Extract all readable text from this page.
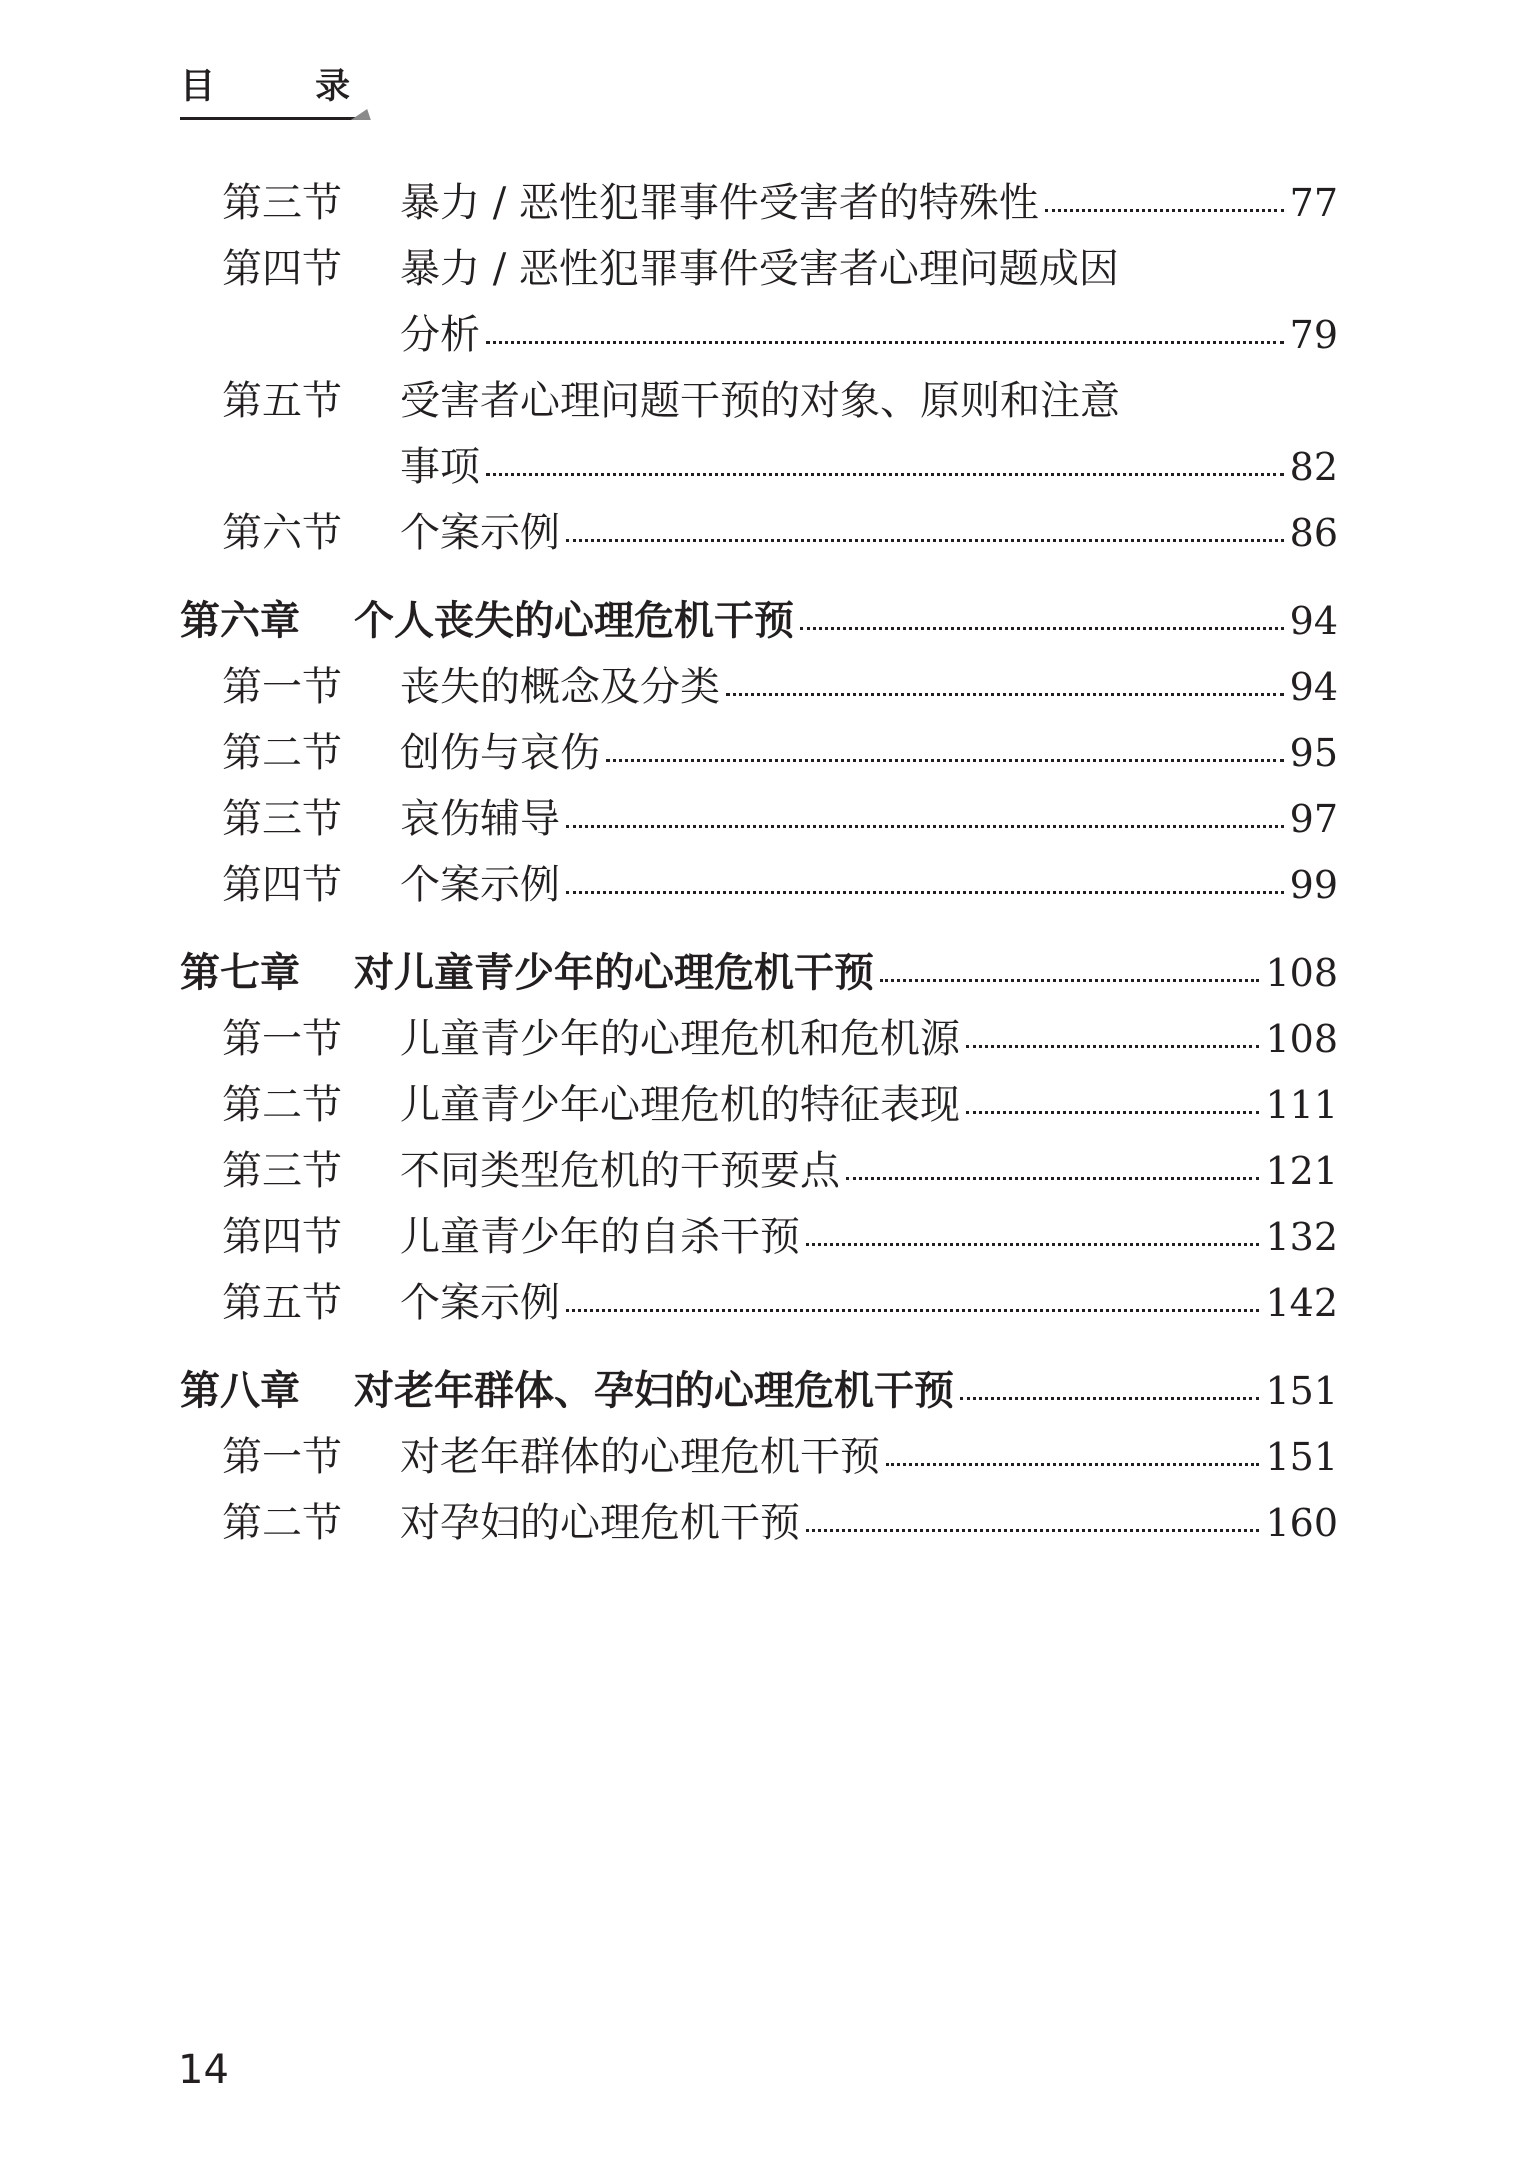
目 录
第三节	暴力 / 恶性犯罪事件受害者的特殊性	77
第四节	暴力 / 恶性犯罪事件受害者心理问题成因
分析	79
第五节	受害者心理问题干预的对象、原则和注意
事项	82
第六节	个案示例	86
第六章	个人丧失的心理危机干预	94
第一节	丧失的概念及分类	94
第二节	创伤与哀伤	95
第三节	哀伤辅导	97
第四节	个案示例	99
第七章	对儿童青少年的心理危机干预	108
第一节	儿童青少年的心理危机和危机源	108
第二节	儿童青少年心理危机的特征表现	111
第三节	不同类型危机的干预要点	121
第四节	儿童青少年的自杀干预	132
第五节	个案示例	142
第八章	对老年群体、孕妇的心理危机干预	151
第一节	对老年群体的心理危机干预	151
第二节	对孕妇的心理危机干预	160
14
